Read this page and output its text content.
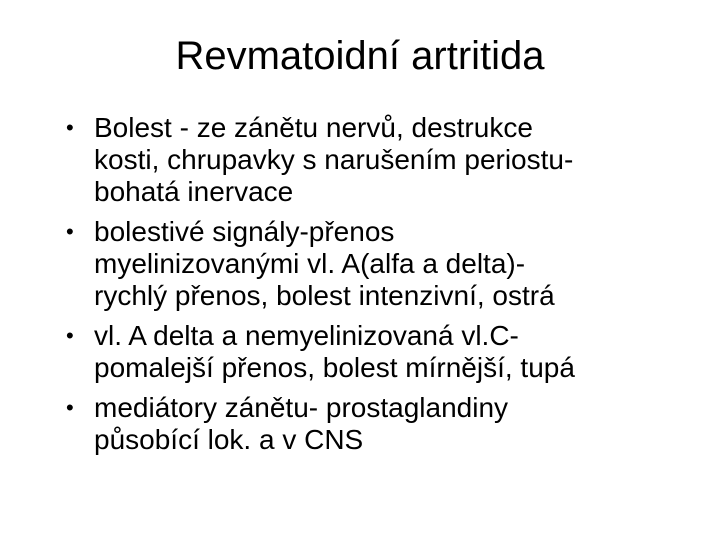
Revmatoidní artritida
• Bolest - ze zánětu nervů, destrukce
kosti, chrupavky s narušením periostu-
bohatá inervace
• bolestivé signály-přenos
myelinizovanými vl. A(alfa a delta)-
rychlý přenos, bolest intenzivní, ostrá
• vl. A delta a nemyelinizovaná vl.C-
pomalejší přenos, bolest mírnější, tupá
• mediátory zánětu- prostaglandiny
působící lok. a v CNS
